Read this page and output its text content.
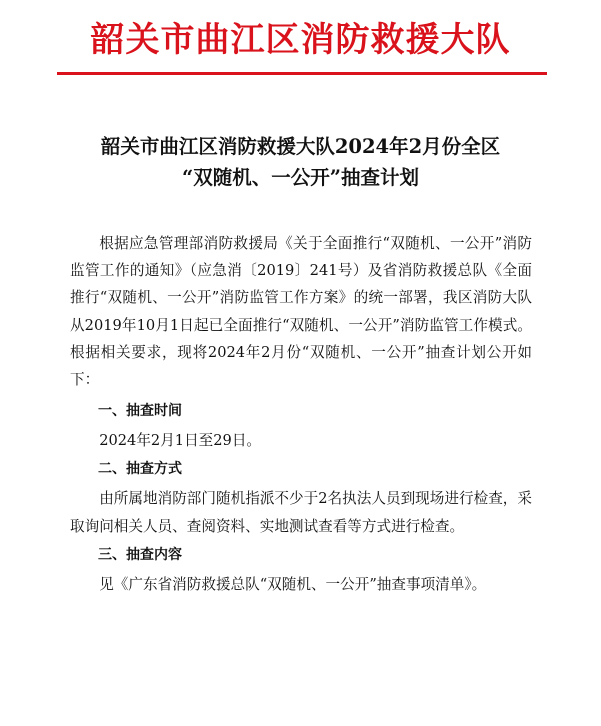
韶关市曲江区消防救援大队
韶关市曲江区消防救援大队2024年2月份全区
“双随机、一公开”抽查计划

根据应急管理部消防救援局《关于全面推行“双随机、一公开”消防监管工作的通知》（应急消〔2019〕241号）及省消防救援总队《全面推行“双随机、一公开”消防监管工作方案》的统一部署，我区消防大队从2019年10月1日起已全面推行“双随机、一公开”消防监管工作模式。根据相关要求，现将2024年2月份“双随机、一公开”抽查计划公开如下：

一、抽查时间

2024年2月1日至29日。

二、抽查方式

由所属地消防部门随机指派不少于2名执法人员到现场进行检查，采取询问相关人员、查阅资料、实地测试查看等方式进行检查。

三、抽查内容

见《广东省消防救援总队“双随机、一公开”抽查事项清单》。
